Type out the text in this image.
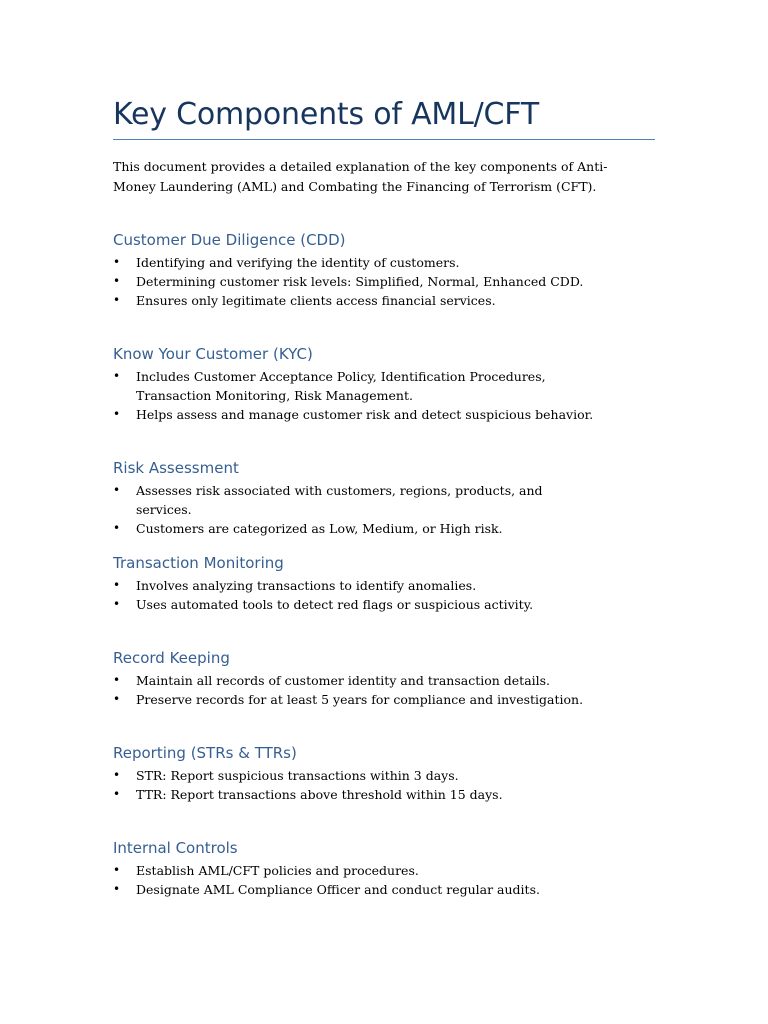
Key Components of AML/CFT

This document provides a detailed explanation of the key components of Anti-Money Laundering (AML) and Combating the Financing of Terrorism (CFT).

Customer Due Diligence (CDD)
• Identifying and verifying the identity of customers.
• Determining customer risk levels: Simplified, Normal, Enhanced CDD.
• Ensures only legitimate clients access financial services.
Know Your Customer (KYC)
• Includes Customer Acceptance Policy, Identification Procedures, Transaction Monitoring, Risk Management.
• Helps assess and manage customer risk and detect suspicious behavior.
Risk Assessment
• Assesses risk associated with customers, regions, products, and services.
• Customers are categorized as Low, Medium, or High risk.
Transaction Monitoring
• Involves analyzing transactions to identify anomalies.
• Uses automated tools to detect red flags or suspicious activity.
Record Keeping
• Maintain all records of customer identity and transaction details.
• Preserve records for at least 5 years for compliance and investigation.
Reporting (STRs & TTRs)
• STR: Report suspicious transactions within 3 days.
• TTR: Report transactions above threshold within 15 days.
Internal Controls
• Establish AML/CFT policies and procedures.
• Designate AML Compliance Officer and conduct regular audits.
